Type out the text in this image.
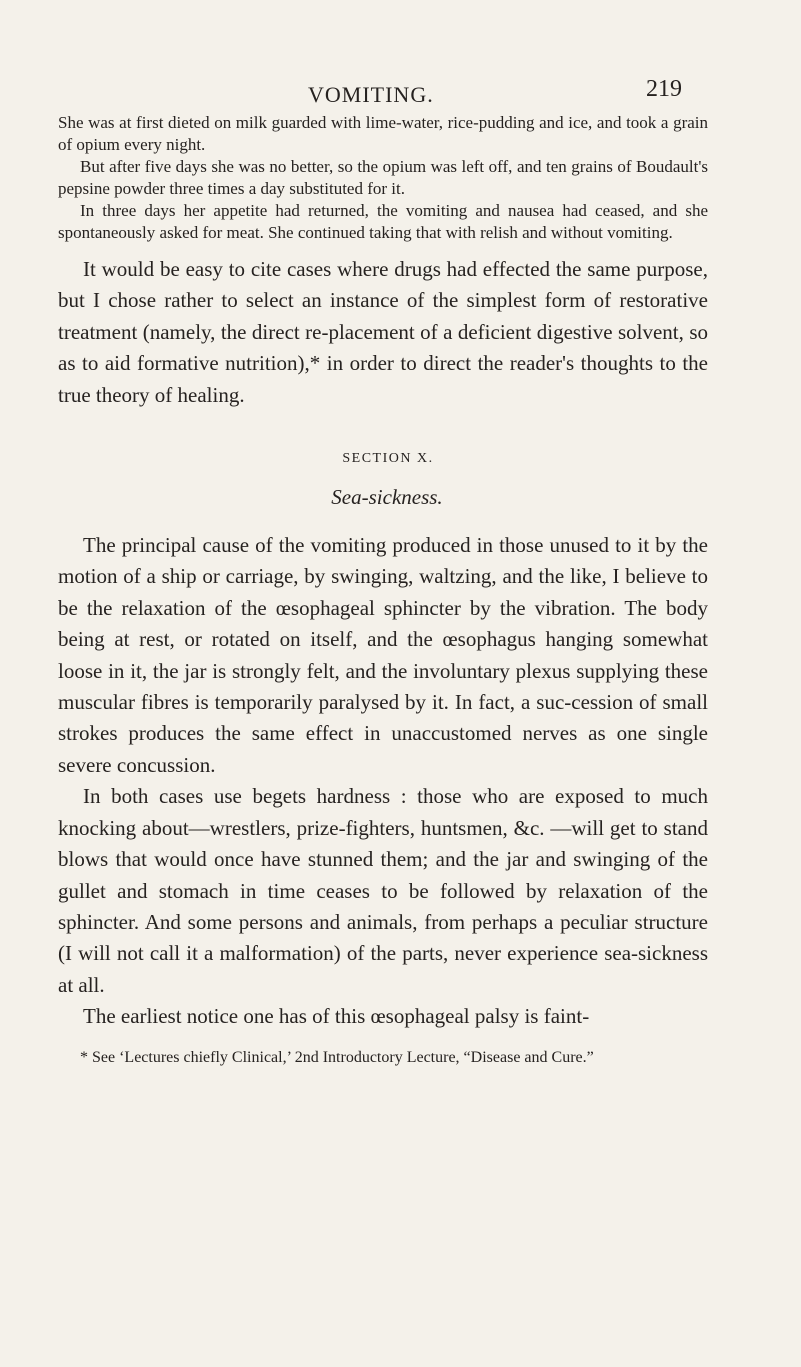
VOMITING.	219

She was at first dieted on milk guarded with lime-water, rice-pudding and ice, and took a grain of opium every night.

But after five days she was no better, so the opium was left off, and ten grains of Boudault's pepsine powder three times a day substituted for it.

In three days her appetite had returned, the vomiting and nausea had ceased, and she spontaneously asked for meat. She continued taking that with relish and without vomiting.

It would be easy to cite cases where drugs had effected the same purpose, but I chose rather to select an instance of the simplest form of restorative treatment (namely, the direct re-placement of a deficient digestive solvent, so as to aid formative nutrition),* in order to direct the reader's thoughts to the true theory of healing.

SECTION X.
Sea-sickness.

The principal cause of the vomiting produced in those unused to it by the motion of a ship or carriage, by swinging, waltzing, and the like, I believe to be the relaxation of the œsophageal sphincter by the vibration. The body being at rest, or rotated on itself, and the œsophagus hanging somewhat loose in it, the jar is strongly felt, and the involuntary plexus supplying these muscular fibres is temporarily paralysed by it. In fact, a suc-cession of small strokes produces the same effect in unaccustomed nerves as one single severe concussion.

In both cases use begets hardness : those who are exposed to much knocking about—wrestlers, prize-fighters, huntsmen, &c. —will get to stand blows that would once have stunned them; and the jar and swinging of the gullet and stomach in time ceases to be followed by relaxation of the sphincter. And some persons and animals, from perhaps a peculiar structure (I will not call it a malformation) of the parts, never experience sea-sickness at all.

The earliest notice one has of this œsophageal palsy is faint-

* See ‘Lectures chiefly Clinical,’ 2nd Introductory Lecture, “Disease and Cure.”
